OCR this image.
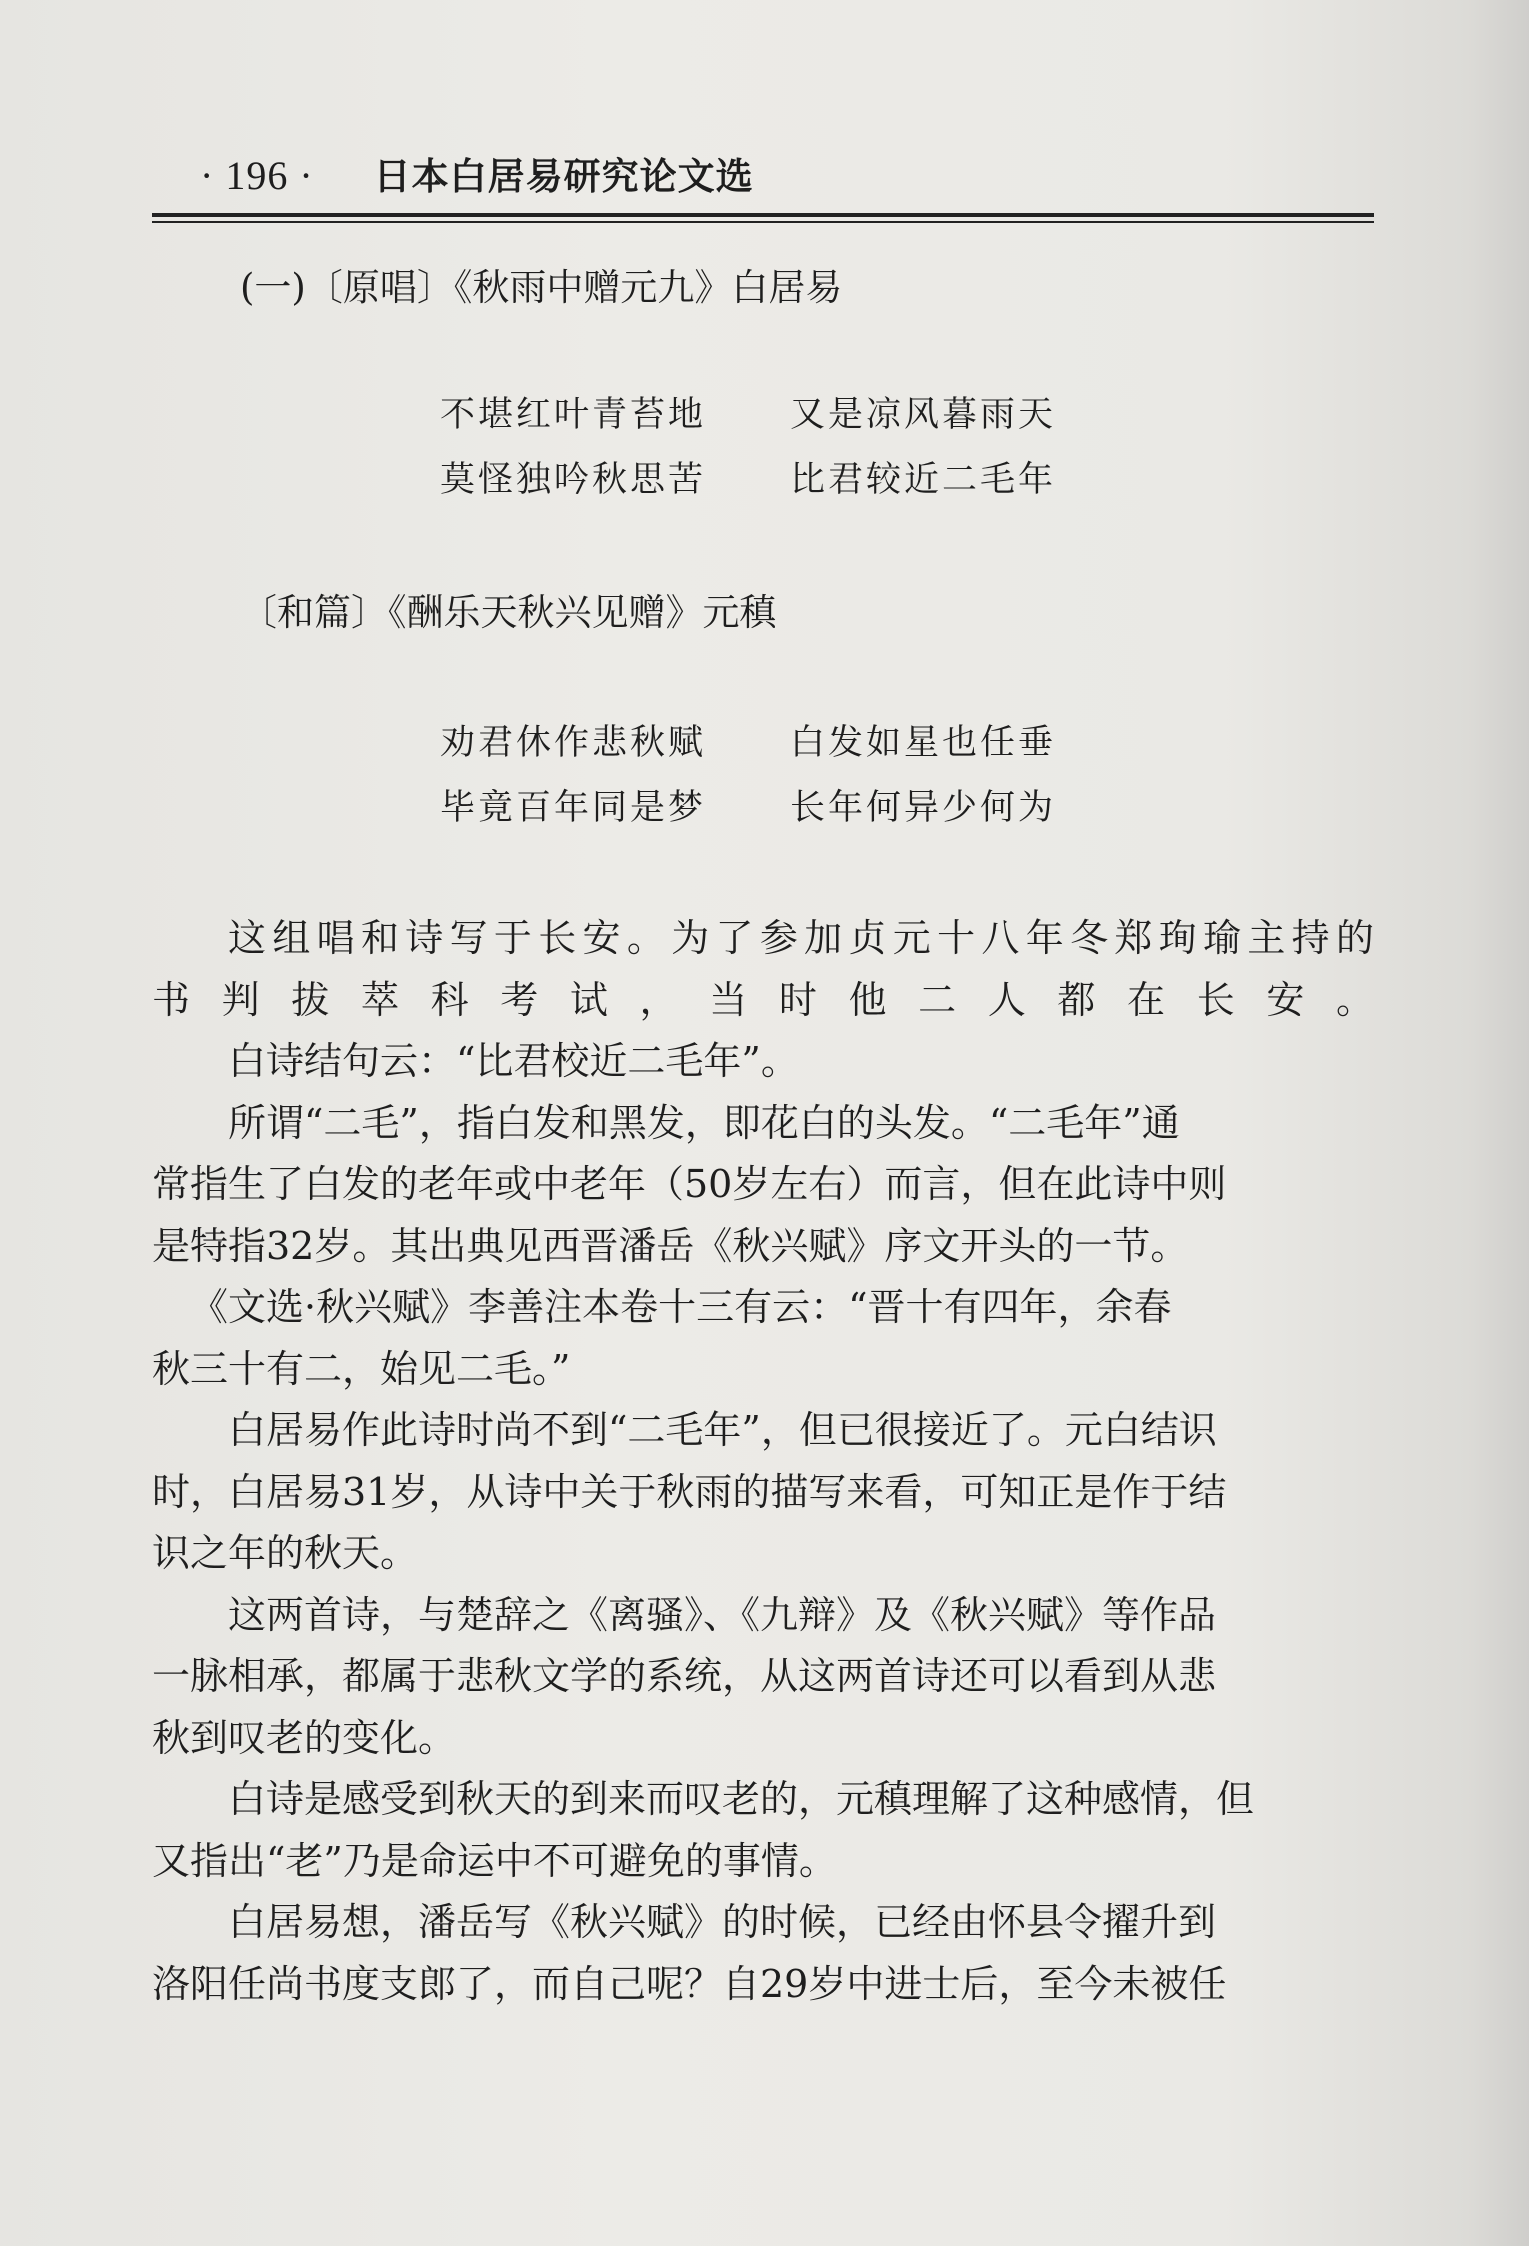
· 196 · 日本白居易研究论文选
(一)〔原唱〕《秋雨中赠元九》白居易
不堪红叶青苔地 又是凉风暮雨天
莫怪独吟秋思苦 比君较近二毛年
〔和篇〕《酬乐天秋兴见赠》元稹
劝君休作悲秋赋 白发如星也任垂
毕竟百年同是梦 长年何异少何为

这组唱和诗写于长安。为了参加贞元十八年冬郑珣瑜主持的
书判拔萃科考试，当时他二人都在长安。

白诗结句云：“比君校近二毛年”。

所谓“二毛”，指白发和黑发，即花白的头发。“二毛年”通
常指生了白发的老年或中老年（50岁左右）而言，但在此诗中则
是特指32岁。其出典见西晋潘岳《秋兴赋》序文开头的一节。

《文选·秋兴赋》李善注本卷十三有云：“晋十有四年，余春
秋三十有二，始见二毛。”

白居易作此诗时尚不到“二毛年”，但已很接近了。元白结识
时，白居易31岁，从诗中关于秋雨的描写来看，可知正是作于结
识之年的秋天。

这两首诗，与楚辞之《离骚》、《九辩》及《秋兴赋》等作品
一脉相承，都属于悲秋文学的系统，从这两首诗还可以看到从悲
秋到叹老的变化。

白诗是感受到秋天的到来而叹老的，元稹理解了这种感情，但
又指出“老”乃是命运中不可避免的事情。

白居易想，潘岳写《秋兴赋》的时候，已经由怀县令擢升到
洛阳任尚书度支郎了，而自己呢？自29岁中进士后，至今未被任
